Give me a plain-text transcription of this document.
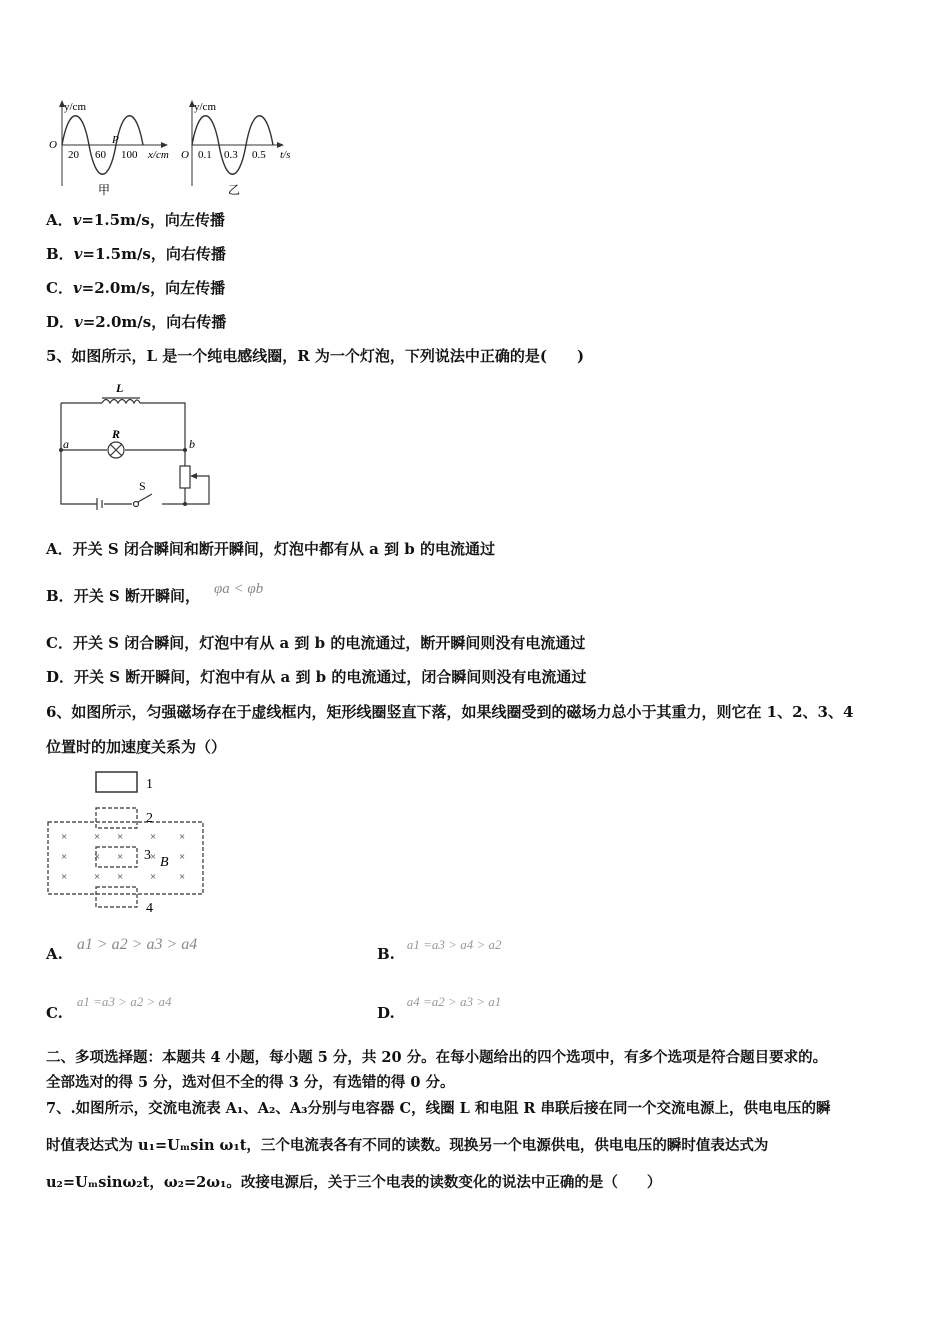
y/cm
O
20 60 100
P
x/cm
甲
y/cm
O 0.1 0.3 0.5 t/s
乙
A．v=1.5m/s，向左传播
B．v=1.5m/s，向右传播
C．v=2.0m/s，向左传播
D．v=2.0m/s，向右传播
5、如图所示，L 是一个纯电感线圈，R 为一个灯泡，下列说法中正确的是(　　)
L
R
a	b
S
A．开关 S 闭合瞬间和断开瞬间，灯泡中都有从 a 到 b 的电流通过
B．开关 S 断开瞬间， φa < φb
C．开关 S 闭合瞬间，灯泡中有从 a 到 b 的电流通过，断开瞬间则没有电流通过
D．开关 S 断开瞬间，灯泡中有从 a 到 b 的电流通过，闭合瞬间则没有电流通过
6、如图所示，匀强磁场存在于虚线框内，矩形线圈竖直下落，如果线圈受到的磁场力总小于其重力，则它在 1、2、3、4
位置时的加速度关系为（）
×
×
×
×
×
×
×
×
×
×
×
×
×
×
×
1
2
3
4
B
A.a1 > a2 > a3 > a4
B.a1 =a3 > a4 > a2
C.a1 =a3 > a2 > a4
D.a4 =a2 > a3 > a1
二、多项选择题：本题共 4 小题，每小题 5 分，共 20 分。在每小题给出的四个选项中，有多个选项是符合题目要求的。
全部选对的得 5 分，选对但不全的得 3 分，有选错的得 0 分。
7、.如图所示，交流电流表 A₁、A₂、A₃分别与电容器 C，线圈 L 和电阻 R 串联后接在同一个交流电源上，供电电压的瞬
时值表达式为 u₁=Uₘsin ω₁t，三个电流表各有不同的读数。现换另一个电源供电，供电电压的瞬时值表达式为
u₂=Uₘsinω₂t，ω₂=2ω₁。改接电源后，关于三个电表的读数变化的说法中正确的是（　　）
